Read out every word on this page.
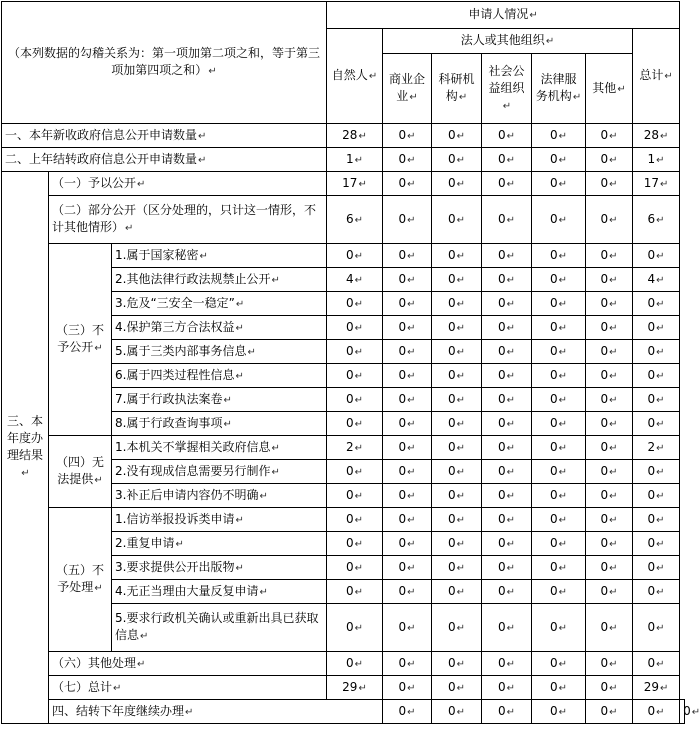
（本列数据的勾稽关系为：第一项加第二项之和，等于第三项加第四项之和） ↵			申请人情况 ↵
			自然人 ↵	法人或其他组织 ↵					总计 ↵
				商业企业 ↵	科研机构 ↵	社会公益组织 ↵	法律服务机构 ↵	其他 ↵
一、本年新收政府信息公开申请数量 ↵			28 ↵	0 ↵	0 ↵	0 ↵	0 ↵	0 ↵	28 ↵
二、上年结转政府信息公开申请数量 ↵			1 ↵	0 ↵	0 ↵	0 ↵	0 ↵	0 ↵	1 ↵
三、本年度办理结果 ↵	（一）予以公开 ↵		17 ↵	0 ↵	0 ↵	0 ↵	0 ↵	0 ↵	17 ↵
	（二）部分公开（区分处理的，只计这一情形，不计其他情形） ↵		6 ↵	0 ↵	0 ↵	0 ↵	0 ↵	0 ↵	6 ↵
	（三）不予公开 ↵	1.属于国家秘密 ↵	0 ↵	0 ↵	0 ↵	0 ↵	0 ↵	0 ↵	0 ↵
		2.其他法律行政法规禁止公开 ↵	4 ↵	0 ↵	0 ↵	0 ↵	0 ↵	0 ↵	4 ↵
		3.危及“三安全一稳定” ↵	0 ↵	0 ↵	0 ↵	0 ↵	0 ↵	0 ↵	0 ↵
		4.保护第三方合法权益 ↵	0 ↵	0 ↵	0 ↵	0 ↵	0 ↵	0 ↵	0 ↵
		5.属于三类内部事务信息 ↵	0 ↵	0 ↵	0 ↵	0 ↵	0 ↵	0 ↵	0 ↵
		6.属于四类过程性信息 ↵	0 ↵	0 ↵	0 ↵	0 ↵	0 ↵	0 ↵	0 ↵
		7.属于行政执法案卷 ↵	0 ↵	0 ↵	0 ↵	0 ↵	0 ↵	0 ↵	0 ↵
		8.属于行政查询事项 ↵	0 ↵	0 ↵	0 ↵	0 ↵	0 ↵	0 ↵	0 ↵
	（四）无法提供 ↵	1.本机关不掌握相关政府信息 ↵	2 ↵	0 ↵	0 ↵	0 ↵	0 ↵	0 ↵	2 ↵
		2.没有现成信息需要另行制作 ↵	0 ↵	0 ↵	0 ↵	0 ↵	0 ↵	0 ↵	0 ↵
		3.补正后申请内容仍不明确 ↵	0 ↵	0 ↵	0 ↵	0 ↵	0 ↵	0 ↵	0 ↵
	（五）不予处理 ↵	1.信访举报投诉类申请 ↵	0 ↵	0 ↵	0 ↵	0 ↵	0 ↵	0 ↵	0 ↵
		2.重复申请 ↵	0 ↵	0 ↵	0 ↵	0 ↵	0 ↵	0 ↵	0 ↵
		3.要求提供公开出版物 ↵	0 ↵	0 ↵	0 ↵	0 ↵	0 ↵	0 ↵	0 ↵
		4.无正当理由大量反复申请 ↵	0 ↵	0 ↵	0 ↵	0 ↵	0 ↵	0 ↵	0 ↵
		5.要求行政机关确认或重新出具已获取信息 ↵	0 ↵	0 ↵	0 ↵	0 ↵	0 ↵	0 ↵	0 ↵
	（六）其他处理 ↵		0 ↵	0 ↵	0 ↵	0 ↵	0 ↵	0 ↵	0 ↵
	（七）总计 ↵		29 ↵	0 ↵	0 ↵	0 ↵	0 ↵	0 ↵	29 ↵
	四、结转下年度继续办理 ↵			0 ↵	0 ↵	0 ↵	0 ↵	0 ↵	0 ↵	0 ↵
